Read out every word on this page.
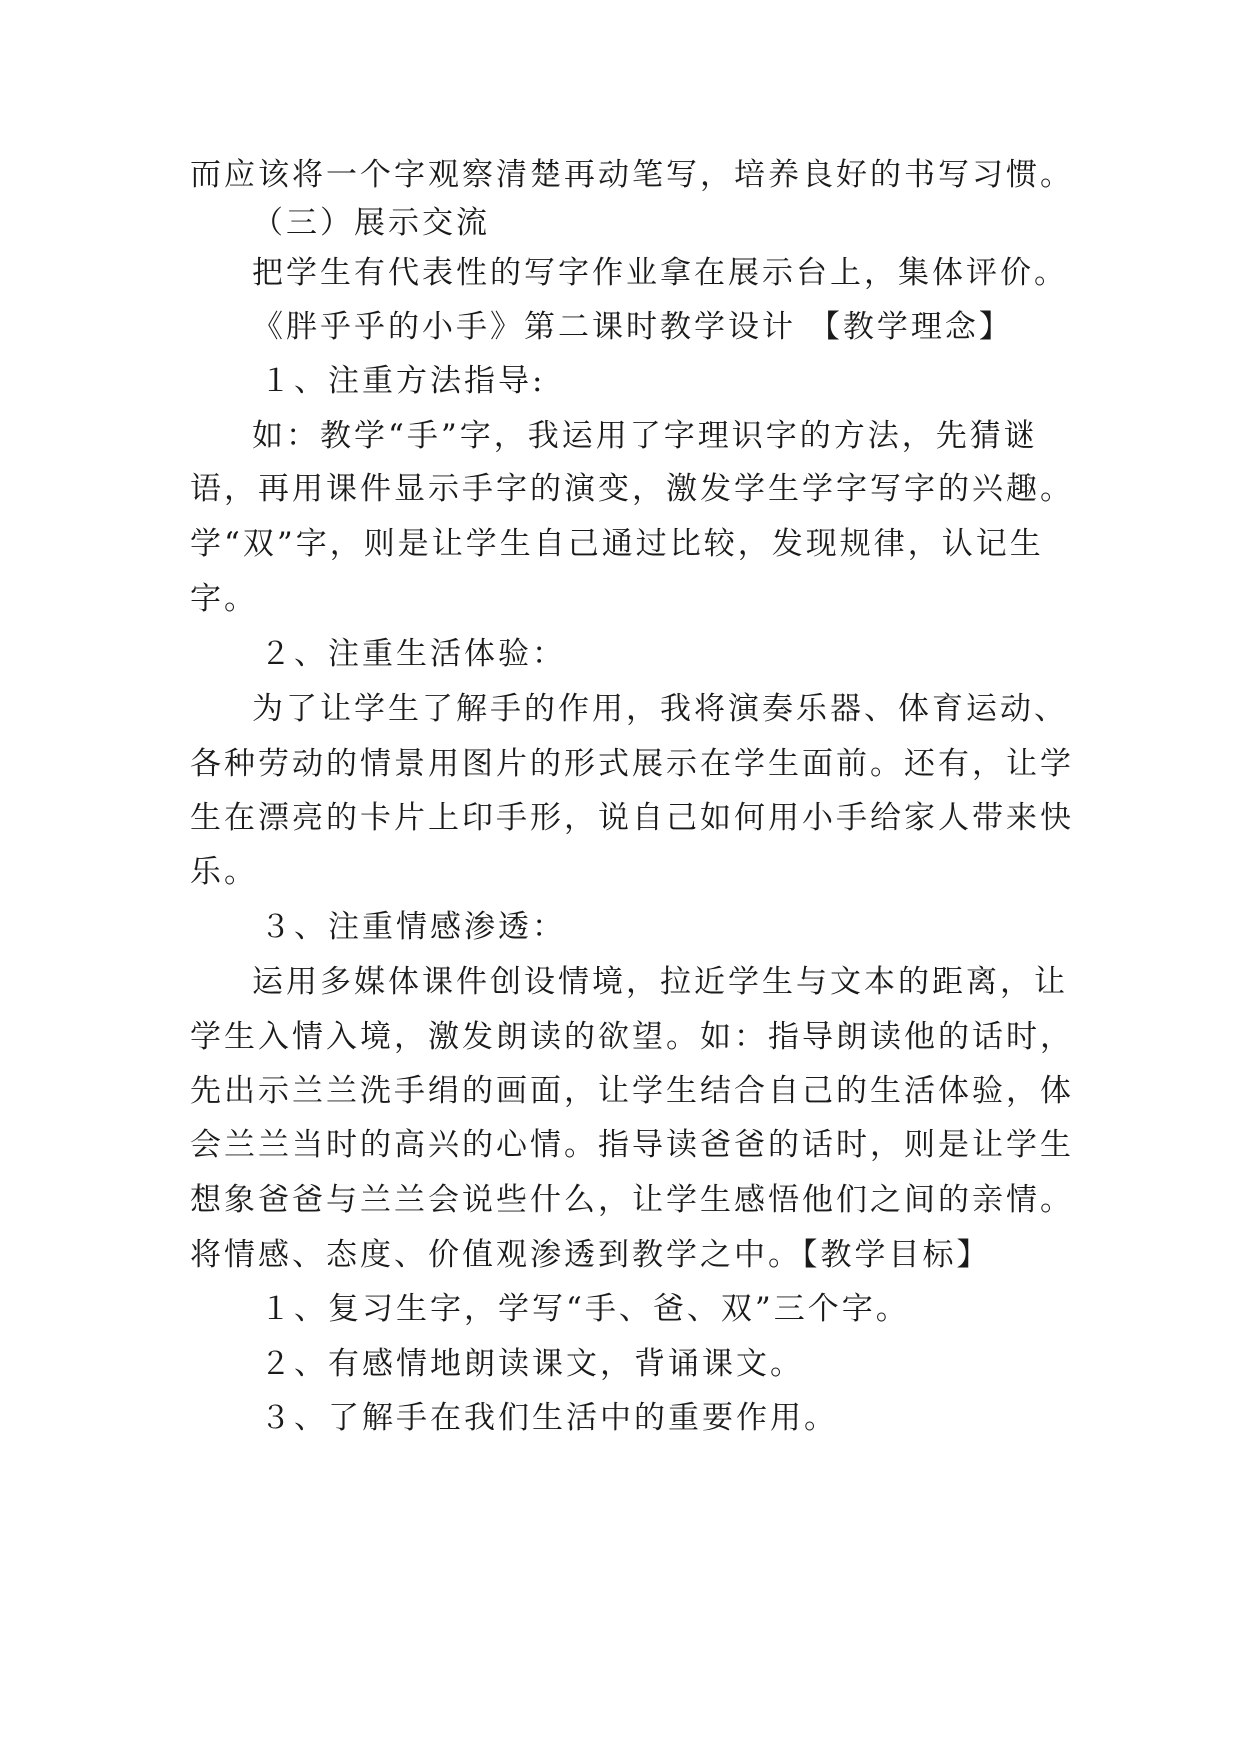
而应该将一个字观察清楚再动笔写，培养良好的书写习惯。
（三）展示交流
把学生有代表性的写字作业拿在展示台上，集体评价。
《胖乎乎的小手》第二课时教学设计 【教学理念】
１、注重方法指导:
如：教学“手”字，我运用了字理识字的方法，先猜谜
语，再用课件显示手字的演变，激发学生学字写字的兴趣。
学“双”字，则是让学生自己通过比较，发现规律，认记生
字。
２、注重生活体验：
为了让学生了解手的作用，我将演奏乐器、体育运动、
各种劳动的情景用图片的形式展示在学生面前。还有，让学
生在漂亮的卡片上印手形，说自己如何用小手给家人带来快
乐。
３、注重情感渗透：
运用多媒体课件创设情境，拉近学生与文本的距离，让
学生入情入境，激发朗读的欲望。如：指导朗读他的话时，
先出示兰兰洗手绢的画面，让学生结合自己的生活体验，体
会兰兰当时的高兴的心情。指导读爸爸的话时，则是让学生
想象爸爸与兰兰会说些什么，让学生感悟他们之间的亲情。
将情感、态度、价值观渗透到教学之中。【教学目标】
１、复习生字，学写“手、爸、双”三个字。
２、有感情地朗读课文，背诵课文。
３、了解手在我们生活中的重要作用。
